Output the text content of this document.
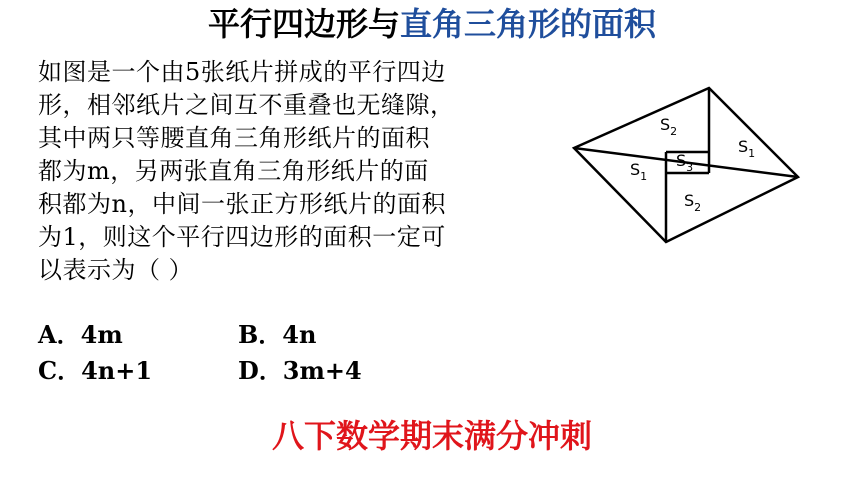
平行四边形与直角三角形的面积
如图是一个由5张纸片拼成的平行四边
形，相邻纸片之间互不重叠也无缝隙，
其中两只等腰直角三角形纸片的面积
都为m，另两张直角三角形纸片的面
积都为n，中间一张正方形纸片的面积
为1，则这个平行四边形的面积一定可
以表示为（ ）
A．4m	B．4n
C．4n+1	D．3m+4
$S_2$
$S_1$
$S_1$
$S_3$
$S_2$
八下数学期末满分冲刺
